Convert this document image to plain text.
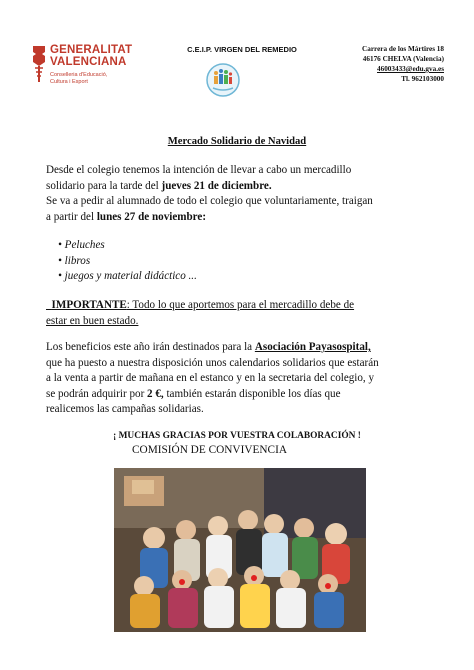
GENERALITAT
VALENCIANA
Conselleria d'Educació,
Cultura i Esport
C.E.I.P. VIRGEN DEL REMEDIO	Carrera de los Mártires 18
46176 CHELVA (Valencia)
46003433@edu.gva.es
Tl. 962103000
Mercado Solidario de Navidad
Desde el colegio tenemos la intención de llevar a cabo un mercadillo
solidario para la tarde del jueves 21 de diciembre.
Se va a pedir al alumnado de todo el colegio que voluntariamente, traigan
a partir del lunes 27 de noviembre:
• Peluches
• libros
• juegos y material didáctico ...
IMPORTANTE: Todo lo que aportemos para el mercadillo debe de
estar en buen estado.
Los beneficios este año irán destinados para la Asociación Payasospital,
que ha puesto a nuestra disposición unos calendarios solidarios que estarán
a la venta a partir de mañana en el estanco y en la secretaria del colegio, y
se podrán adquirir por 2 €, también estarán disponible los días que
realicemos las campañas solidarias.
¡ MUCHAS GRACIAS POR VUESTRA COLABORACIÓN !
COMISIÓN DE CONVIVENCIA
